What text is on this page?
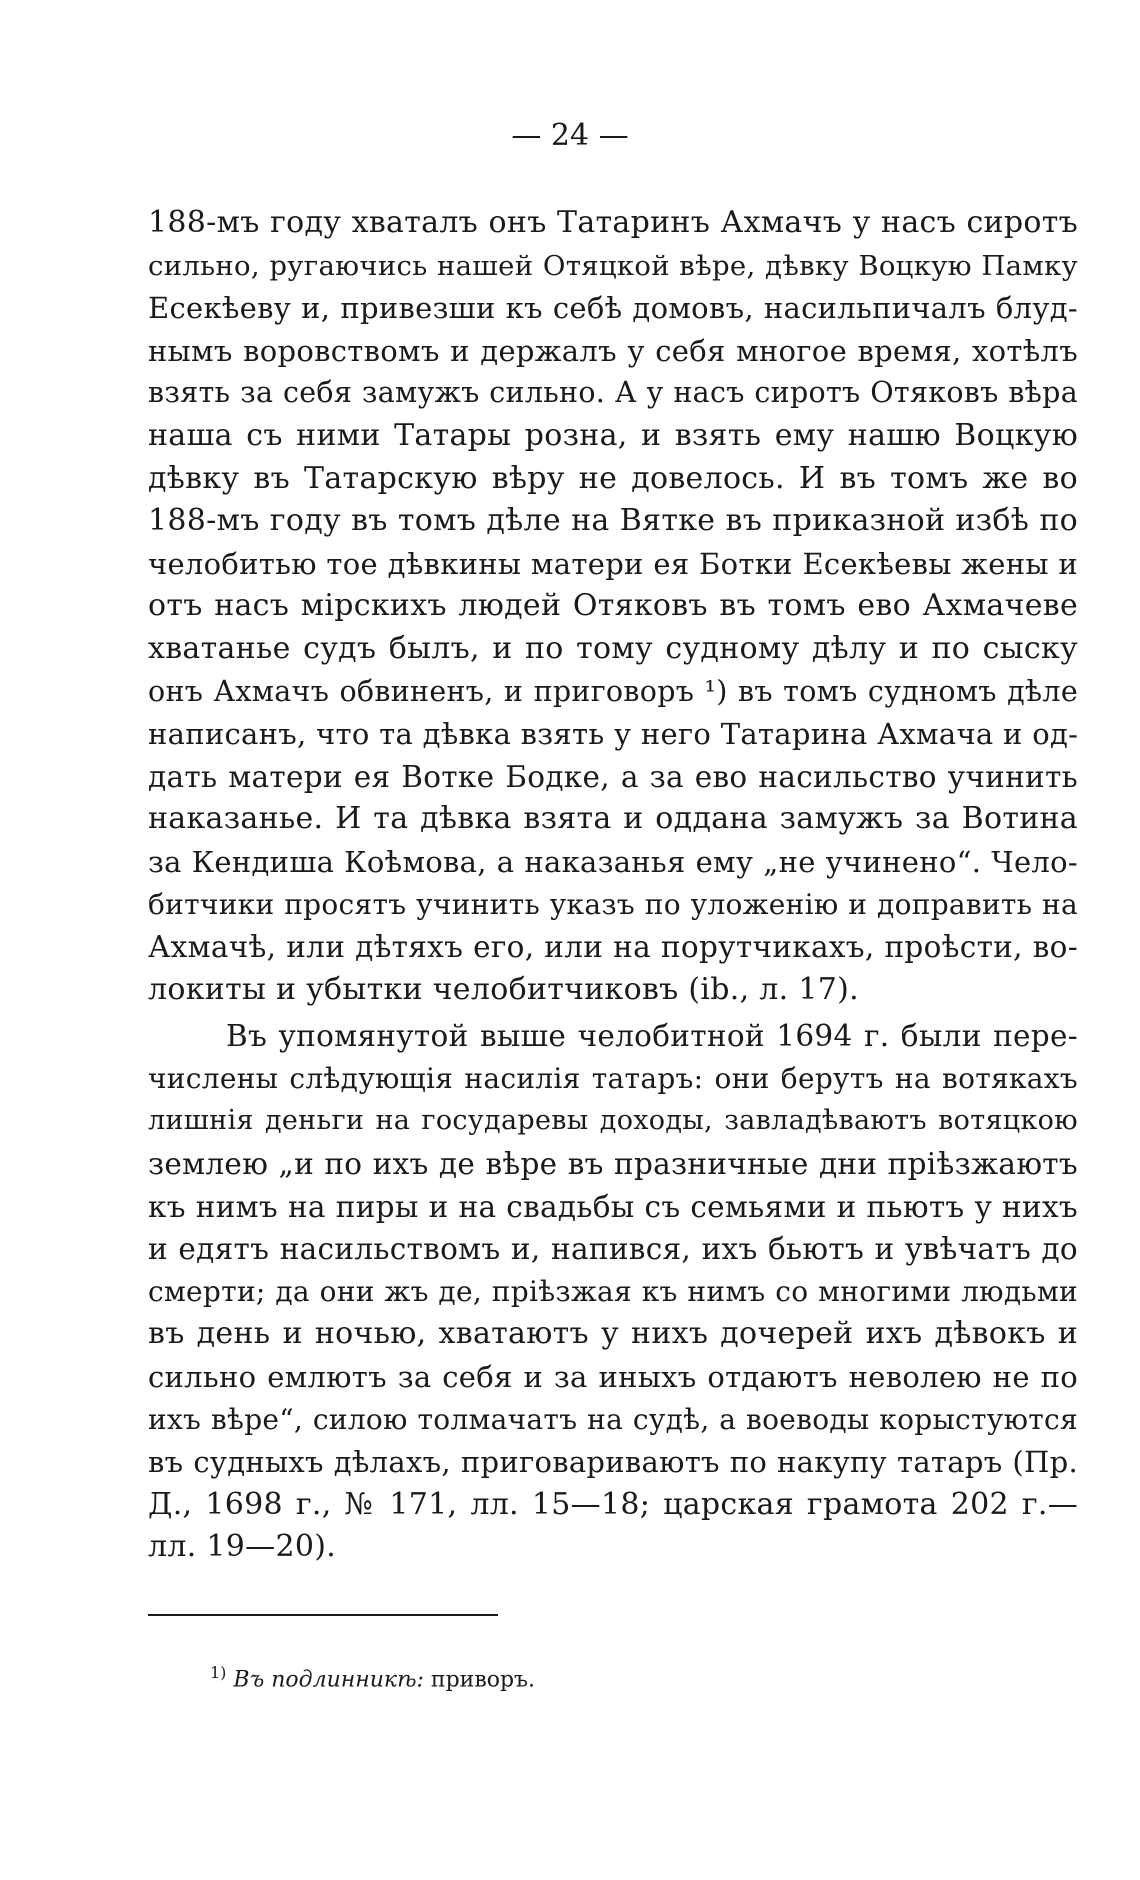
— 24 —
188-мъ году хваталъ онъ Татаринъ Ахмачъ у насъ сиротъ
сильно, ругаючись нашей Отяцкой вѣре, дѣвку Воцкую Памку
Есекѣеву и, привезши къ себѣ домовъ, насильпичалъ блуд-
нымъ воровствомъ и держалъ у себя многое время, хотѣлъ
взять за себя замужъ сильно. А у насъ сиротъ Отяковъ вѣра
наша съ ними Татары розна, и взять ему нашю Воцкую
дѣвку въ Татарскую вѣру не довелось. И въ томъ же во
188-мъ году въ томъ дѣле на Вятке въ приказной избѣ по
челобитью тое дѣвкины матери ея Ботки Есекѣевы жены и
отъ насъ мірскихъ людей Отяковъ въ томъ ево Ахмачеве
хватанье судъ былъ, и по тому судному дѣлу и по сыску
онъ Ахмачъ обвиненъ, и приговоръ ¹) въ томъ судномъ дѣле
написанъ, что та дѣвка взять у него Татарина Ахмача и од-
дать матери ея Вотке Бодке, а за ево насильство учинить
наказанье. И та дѣвка взята и оддана замужъ за Вотина
за Кендиша Коѣмова, а наказанья ему „не учинено“. Чело-
битчики просятъ учинить указъ по уложенію и доправить на
Ахмачѣ, или дѣтяхъ его, или на порутчикахъ, проѣсти, во-
локиты и убытки челобитчиковъ (ib., л. 17).
Въ упомянутой выше челобитной 1694 г. были пере-
числены слѣдующія насилія татаръ: они берутъ на вотякахъ
лишнія деньги на государевы доходы, завладѣваютъ вотяцкою
землею „и по ихъ де вѣре въ празничные дни пріѣзжаютъ
къ нимъ на пиры и на свадьбы съ семьями и пьютъ у нихъ
и едятъ насильствомъ и, напився, ихъ бьютъ и увѣчатъ до
смерти; да они жъ де, пріѣзжая къ нимъ со многими людьми
въ день и ночью, хватаютъ у нихъ дочерей ихъ дѣвокъ и
сильно емлютъ за себя и за иныхъ отдаютъ неволею не по
ихъ вѣре“, силою толмачатъ на судѣ, а воеводы корыстуются
въ судныхъ дѣлахъ, приговариваютъ по накупу татаръ (Пр.
Д., 1698 г., № 171, лл. 15—18; царская грамота 202 г.—
лл. 19—20).
$^{1)}$ Въ подлинникѣ: приворъ.
